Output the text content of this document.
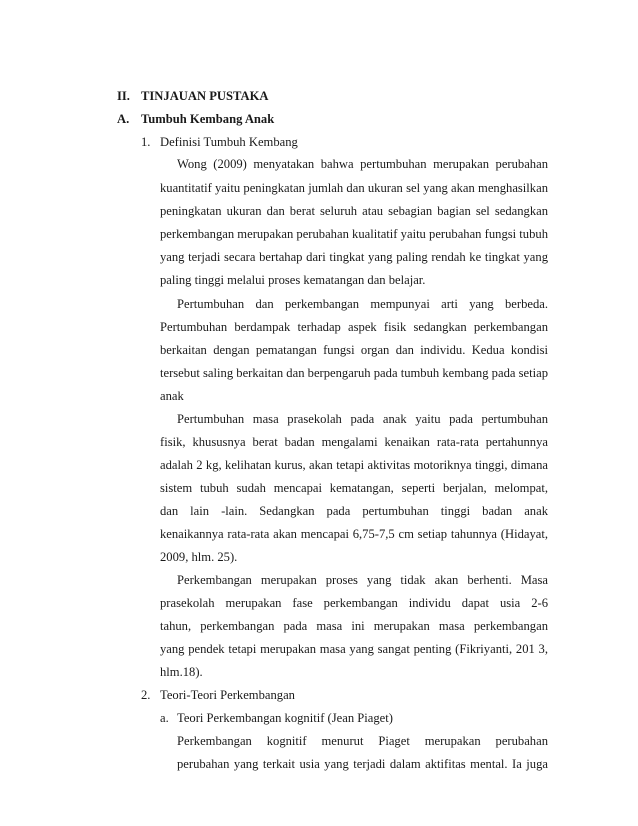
II. TINJAUAN PUSTAKA
A. Tumbuh Kembang Anak
1. Definisi Tumbuh Kembang
Wong (2009) menyatakan bahwa pertumbuhan merupakan perubahan
kuantitatif yaitu peningkatan jumlah dan ukuran sel yang akan menghasilkan
peningkatan ukuran dan berat seluruh atau sebagian bagian sel sedangkan
perkembangan merupakan perubahan kualitatif yaitu perubahan fungsi tubuh
yang terjadi secara bertahap dari tingkat yang paling rendah ke tingkat yang
paling tinggi melalui proses kematangan dan belajar.
Pertumbuhan dan perkembangan mempunyai arti yang berbeda.
Pertumbuhan berdampak terhadap aspek fisik sedangkan perkembangan
berkaitan dengan pematangan fungsi organ dan individu. Kedua kondisi
tersebut saling berkaitan dan berpengaruh pada tumbuh kembang pada setiap
anak
Pertumbuhan masa prasekolah pada anak yaitu pada pertumbuhan
fisik, khususnya berat badan mengalami kenaikan rata-rata pertahunnya
adalah 2 kg, kelihatan kurus, akan tetapi aktivitas motoriknya tinggi, dimana
sistem tubuh sudah mencapai kematangan, seperti berjalan, melompat,
dan lain -lain. Sedangkan pada pertumbuhan tinggi badan anak
kenaikannya rata-rata akan mencapai 6,75-7,5 cm setiap tahunnya (Hidayat,
2009, hlm. 25).
Perkembangan merupakan proses yang tidak akan berhenti. Masa
prasekolah merupakan fase perkembangan individu dapat usia 2-6
tahun, perkembangan pada masa ini merupakan masa perkembangan
yang pendek tetapi merupakan masa yang sangat penting (Fikriyanti, 201 3,
hlm.18).
2. Teori-Teori Perkembangan
a. Teori Perkembangan kognitif (Jean Piaget)
Perkembangan kognitif menurut Piaget merupakan perubahan
perubahan yang terkait usia yang terjadi dalam aktifitas mental. Ia juga
